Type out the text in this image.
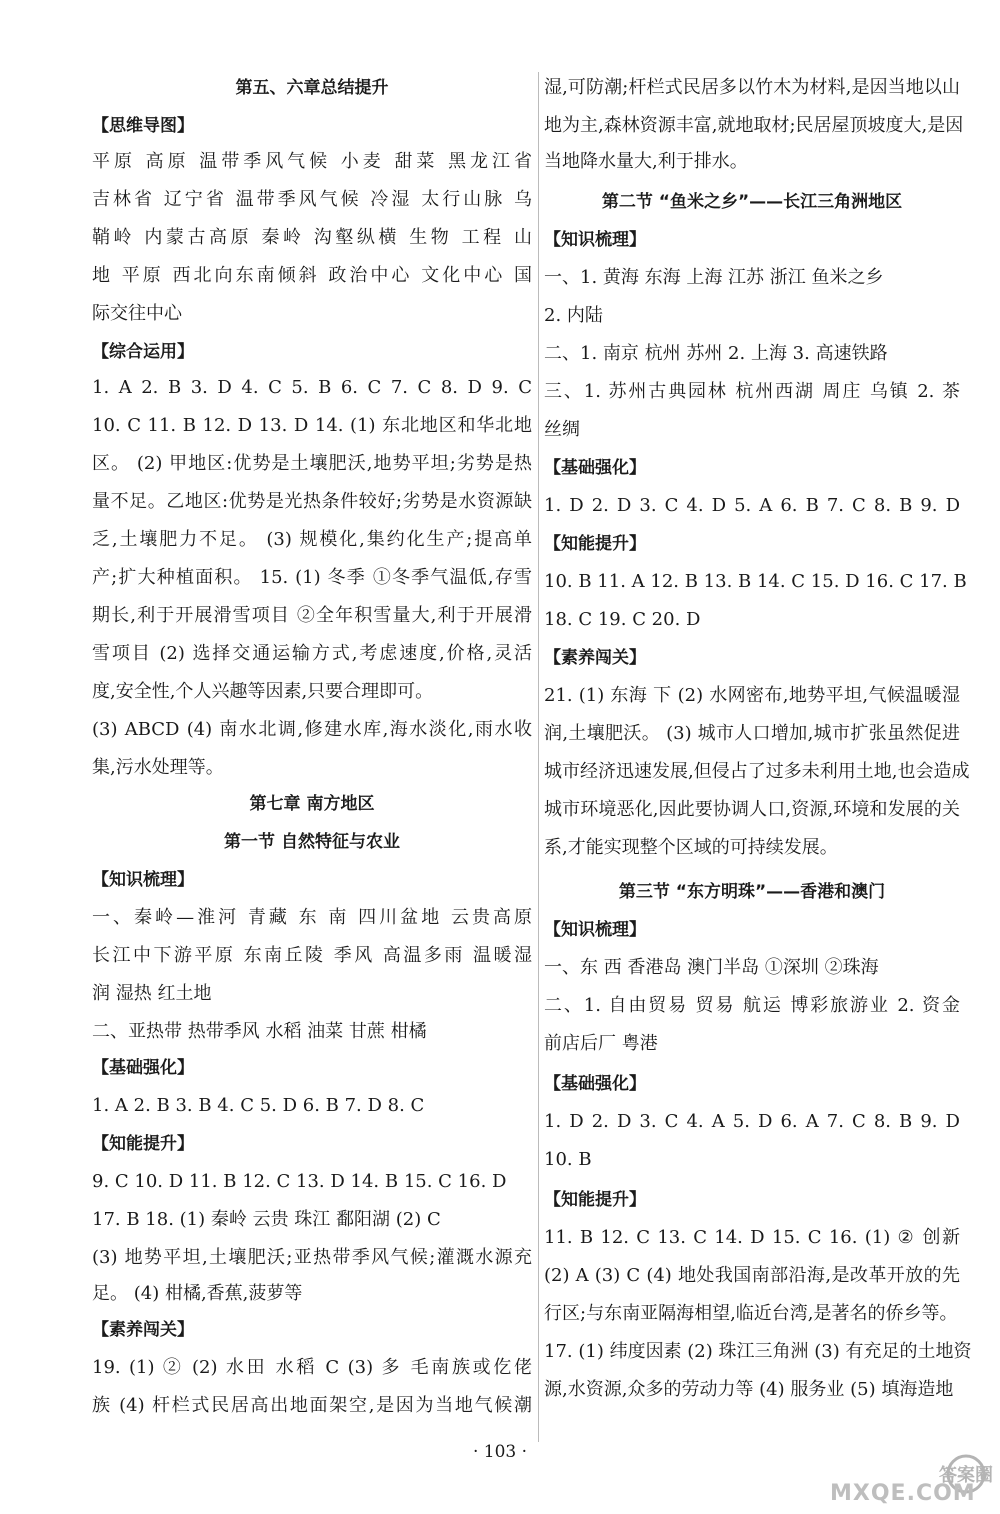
第五、六章总结提升
【思维导图】
平原 高原 温带季风气候 小麦 甜菜 黑龙江省
吉林省 辽宁省 温带季风气候 冷湿 太行山脉 乌
鞘岭 内蒙古高原 秦岭 沟壑纵横 生物 工程 山
地 平原 西北向东南倾斜 政治中心 文化中心 国
际交往中心
【综合运用】
1. A 2. B 3. D 4. C 5. B 6. C 7. C 8. D 9. C
10. C 11. B 12. D 13. D 14. (1) 东北地区和华北地
区。 (2) 甲地区:优势是土壤肥沃,地势平坦;劣势是热
量不足。乙地区:优势是光热条件较好;劣势是水资源缺
乏,土壤肥力不足。 (3) 规模化,集约化生产;提高单
产;扩大种植面积。 15. (1) 冬季 ①冬季气温低,存雪
期长,利于开展滑雪项目 ②全年积雪量大,利于开展滑
雪项目 (2) 选择交通运输方式,考虑速度,价格,灵活
度,安全性,个人兴趣等因素,只要合理即可。
(3) ABCD (4) 南水北调,修建水库,海水淡化,雨水收
集,污水处理等。
第七章 南方地区
第一节 自然特征与农业
【知识梳理】
一、秦岭—淮河 青藏 东 南 四川盆地 云贵高原
长江中下游平原 东南丘陵 季风 高温多雨 温暖湿
润 湿热 红土地
二、亚热带 热带季风 水稻 油菜 甘蔗 柑橘
【基础强化】
1. A 2. B 3. B 4. C 5. D 6. B 7. D 8. C
【知能提升】
9. C 10. D 11. B 12. C 13. D 14. B 15. C 16. D
17. B 18. (1) 秦岭 云贵 珠江 鄱阳湖 (2) C
(3) 地势平坦,土壤肥沃;亚热带季风气候;灌溉水源充
足。 (4) 柑橘,香蕉,菠萝等
【素养闯关】
19. (1) ② (2) 水田 水稻 C (3) 多 毛南族或仡佬
族 (4) 杆栏式民居高出地面架空,是因为当地气候潮
湿,可防潮;杆栏式民居多以竹木为材料,是因当地以山
地为主,森林资源丰富,就地取材;民居屋顶坡度大,是因
当地降水量大,利于排水。
第二节 “鱼米之乡”——长江三角洲地区
【知识梳理】
一、1. 黄海 东海 上海 江苏 浙江 鱼米之乡
2. 内陆
二、1. 南京 杭州 苏州 2. 上海 3. 高速铁路
三、1. 苏州古典园林 杭州西湖 周庄 乌镇 2. 茶
丝绸
【基础强化】
1. D 2. D 3. C 4. D 5. A 6. B 7. C 8. B 9. D
【知能提升】
10. B 11. A 12. B 13. B 14. C 15. D 16. C 17. B
18. C 19. C 20. D
【素养闯关】
21. (1) 东海 下 (2) 水网密布,地势平坦,气候温暖湿
润,土壤肥沃。 (3) 城市人口增加,城市扩张虽然促进
城市经济迅速发展,但侵占了过多未利用土地,也会造成
城市环境恶化,因此要协调人口,资源,环境和发展的关
系,才能实现整个区域的可持续发展。
第三节 “东方明珠”——香港和澳门
【知识梳理】
一、东 西 香港岛 澳门半岛 ①深圳 ②珠海
二、1. 自由贸易 贸易 航运 博彩旅游业 2. 资金
前店后厂 粤港
【基础强化】
1. D 2. D 3. C 4. A 5. D 6. A 7. C 8. B 9. D
10. B
【知能提升】
11. B 12. C 13. C 14. D 15. C 16. (1) ② 创新
(2) A (3) C (4) 地处我国南部沿海,是改革开放的先
行区;与东南亚隔海相望,临近台湾,是著名的侨乡等。
17. (1) 纬度因素 (2) 珠江三角洲 (3) 有充足的土地资
源,水资源,众多的劳动力等 (4) 服务业 (5) 填海造地
· 103 ·
答案圈
MXQE.COM
